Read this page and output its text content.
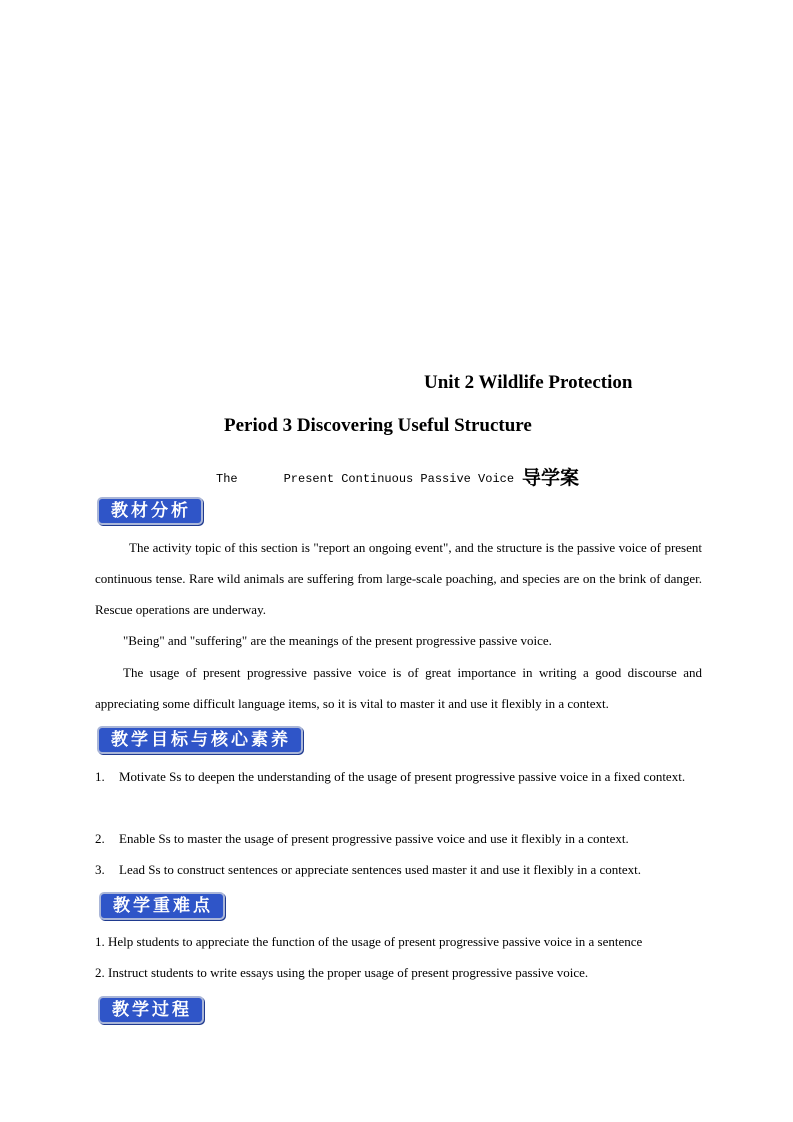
Unit 2 Wildlife Protection
Period 3 Discovering Useful Structure
The	Present Continuous Passive Voice 导学案
教材分析
The activity topic of this section is "report an ongoing event", and the structure is the passive voice of present continuous tense. Rare wild animals are suffering from large-scale poaching, and species are on the brink of danger. Rescue operations are underway.
"Being" and "suffering" are the meanings of the present progressive passive voice.
The usage of present progressive passive voice is of great importance in writing a good discourse and appreciating some difficult language items, so it is vital to master it and use it flexibly in a context.
教学目标与核心素养
1.	Motivate Ss to deepen the understanding of the usage of present progressive passive voice in a fixed context.
2.	Enable Ss to master the usage of present progressive passive voice and use it flexibly in a context.
3.	Lead Ss to construct sentences or appreciate sentences used master it and use it flexibly in a context.
教学重难点
1. Help students to appreciate the function of the usage of present progressive passive voice in a sentence
2. Instruct students to write essays using the proper usage of present progressive passive voice.
教学过程
